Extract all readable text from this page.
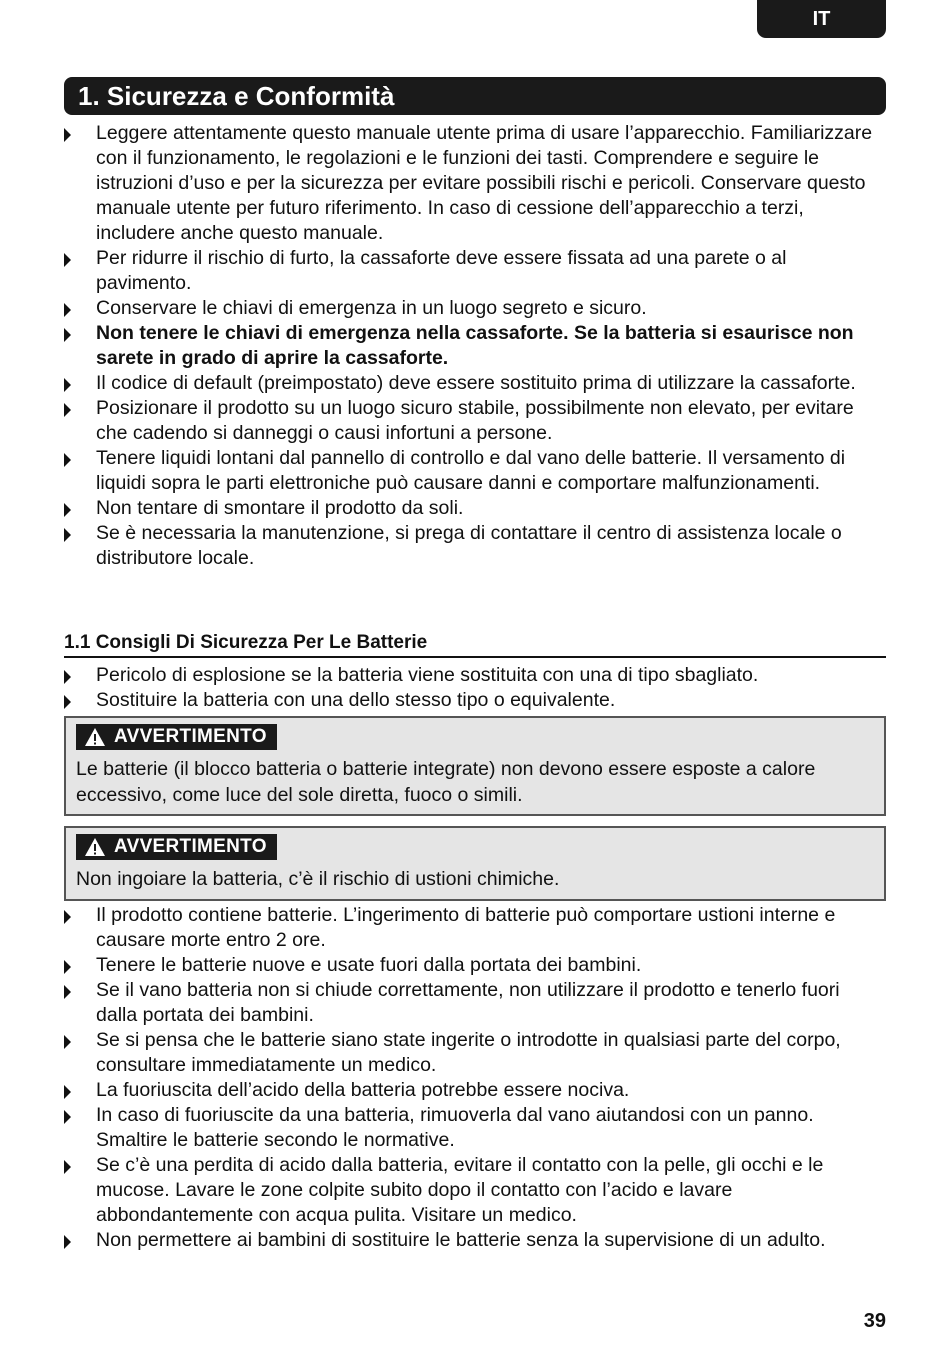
IT
1. Sicurezza e Conformità
Leggere attentamente questo manuale utente prima di usare l’apparecchio. Familiarizzare con il funzionamento, le regolazioni e le funzioni dei tasti. Comprendere e seguire le istruzioni d’uso e per la sicurezza per evitare possibili rischi e pericoli. Conservare questo manuale utente per futuro riferimento. In caso di cessione dell’apparecchio a terzi, includere anche questo manuale.
Per ridurre il rischio di furto, la cassaforte deve essere fissata ad una parete o al pavimento.
Conservare le chiavi di emergenza in un luogo segreto e sicuro.
Non tenere le chiavi di emergenza nella cassaforte. Se la batteria si esaurisce non sarete in grado di aprire la cassaforte.
Il codice di default (preimpostato) deve essere sostituito prima di utilizzare la cassaforte.
Posizionare il prodotto su un luogo sicuro stabile, possibilmente non elevato, per evitare che cadendo si danneggi o causi infortuni a persone.
Tenere liquidi lontani dal pannello di controllo e dal vano delle batterie. Il versamento di liquidi sopra le parti elettroniche può causare danni e comportare malfunzionamenti.
Non tentare di smontare il prodotto da soli.
Se è necessaria la manutenzione, si prega di contattare il centro di assistenza locale o distributore locale.
1.1 Consigli Di Sicurezza Per Le Batterie
Pericolo di esplosione se la batteria viene sostituita con una di tipo sbagliato.
Sostituire la batteria con una dello stesso tipo o equivalente.
AVVERTIMENTO
Le batterie (il blocco batteria o batterie integrate) non devono essere esposte a calore eccessivo, come luce del sole diretta, fuoco o simili.
AVVERTIMENTO
Non ingoiare la batteria, c’è il rischio di ustioni chimiche.
Il prodotto contiene batterie. L’ingerimento di batterie può comportare ustioni interne e causare morte entro 2 ore.
Tenere le batterie nuove e usate fuori dalla portata dei bambini.
Se il vano batteria non si chiude correttamente, non utilizzare il prodotto e tenerlo fuori dalla portata dei bambini.
Se si pensa che le batterie siano state ingerite o introdotte in qualsiasi parte del corpo, consultare immediatamente un medico.
La fuoriuscita dell’acido della batteria potrebbe essere nociva.
In caso di fuoriuscite da una batteria, rimuoverla dal vano aiutandosi con un panno. Smaltire le batterie secondo le normative.
Se c’è una perdita di acido dalla batteria, evitare il contatto con la pelle, gli occhi e le mucose. Lavare le zone colpite subito dopo il contatto con l’acido e lavare abbondantemente con acqua pulita. Visitare un medico.
Non permettere ai bambini di sostituire le batterie senza la supervisione di un adulto.
39
